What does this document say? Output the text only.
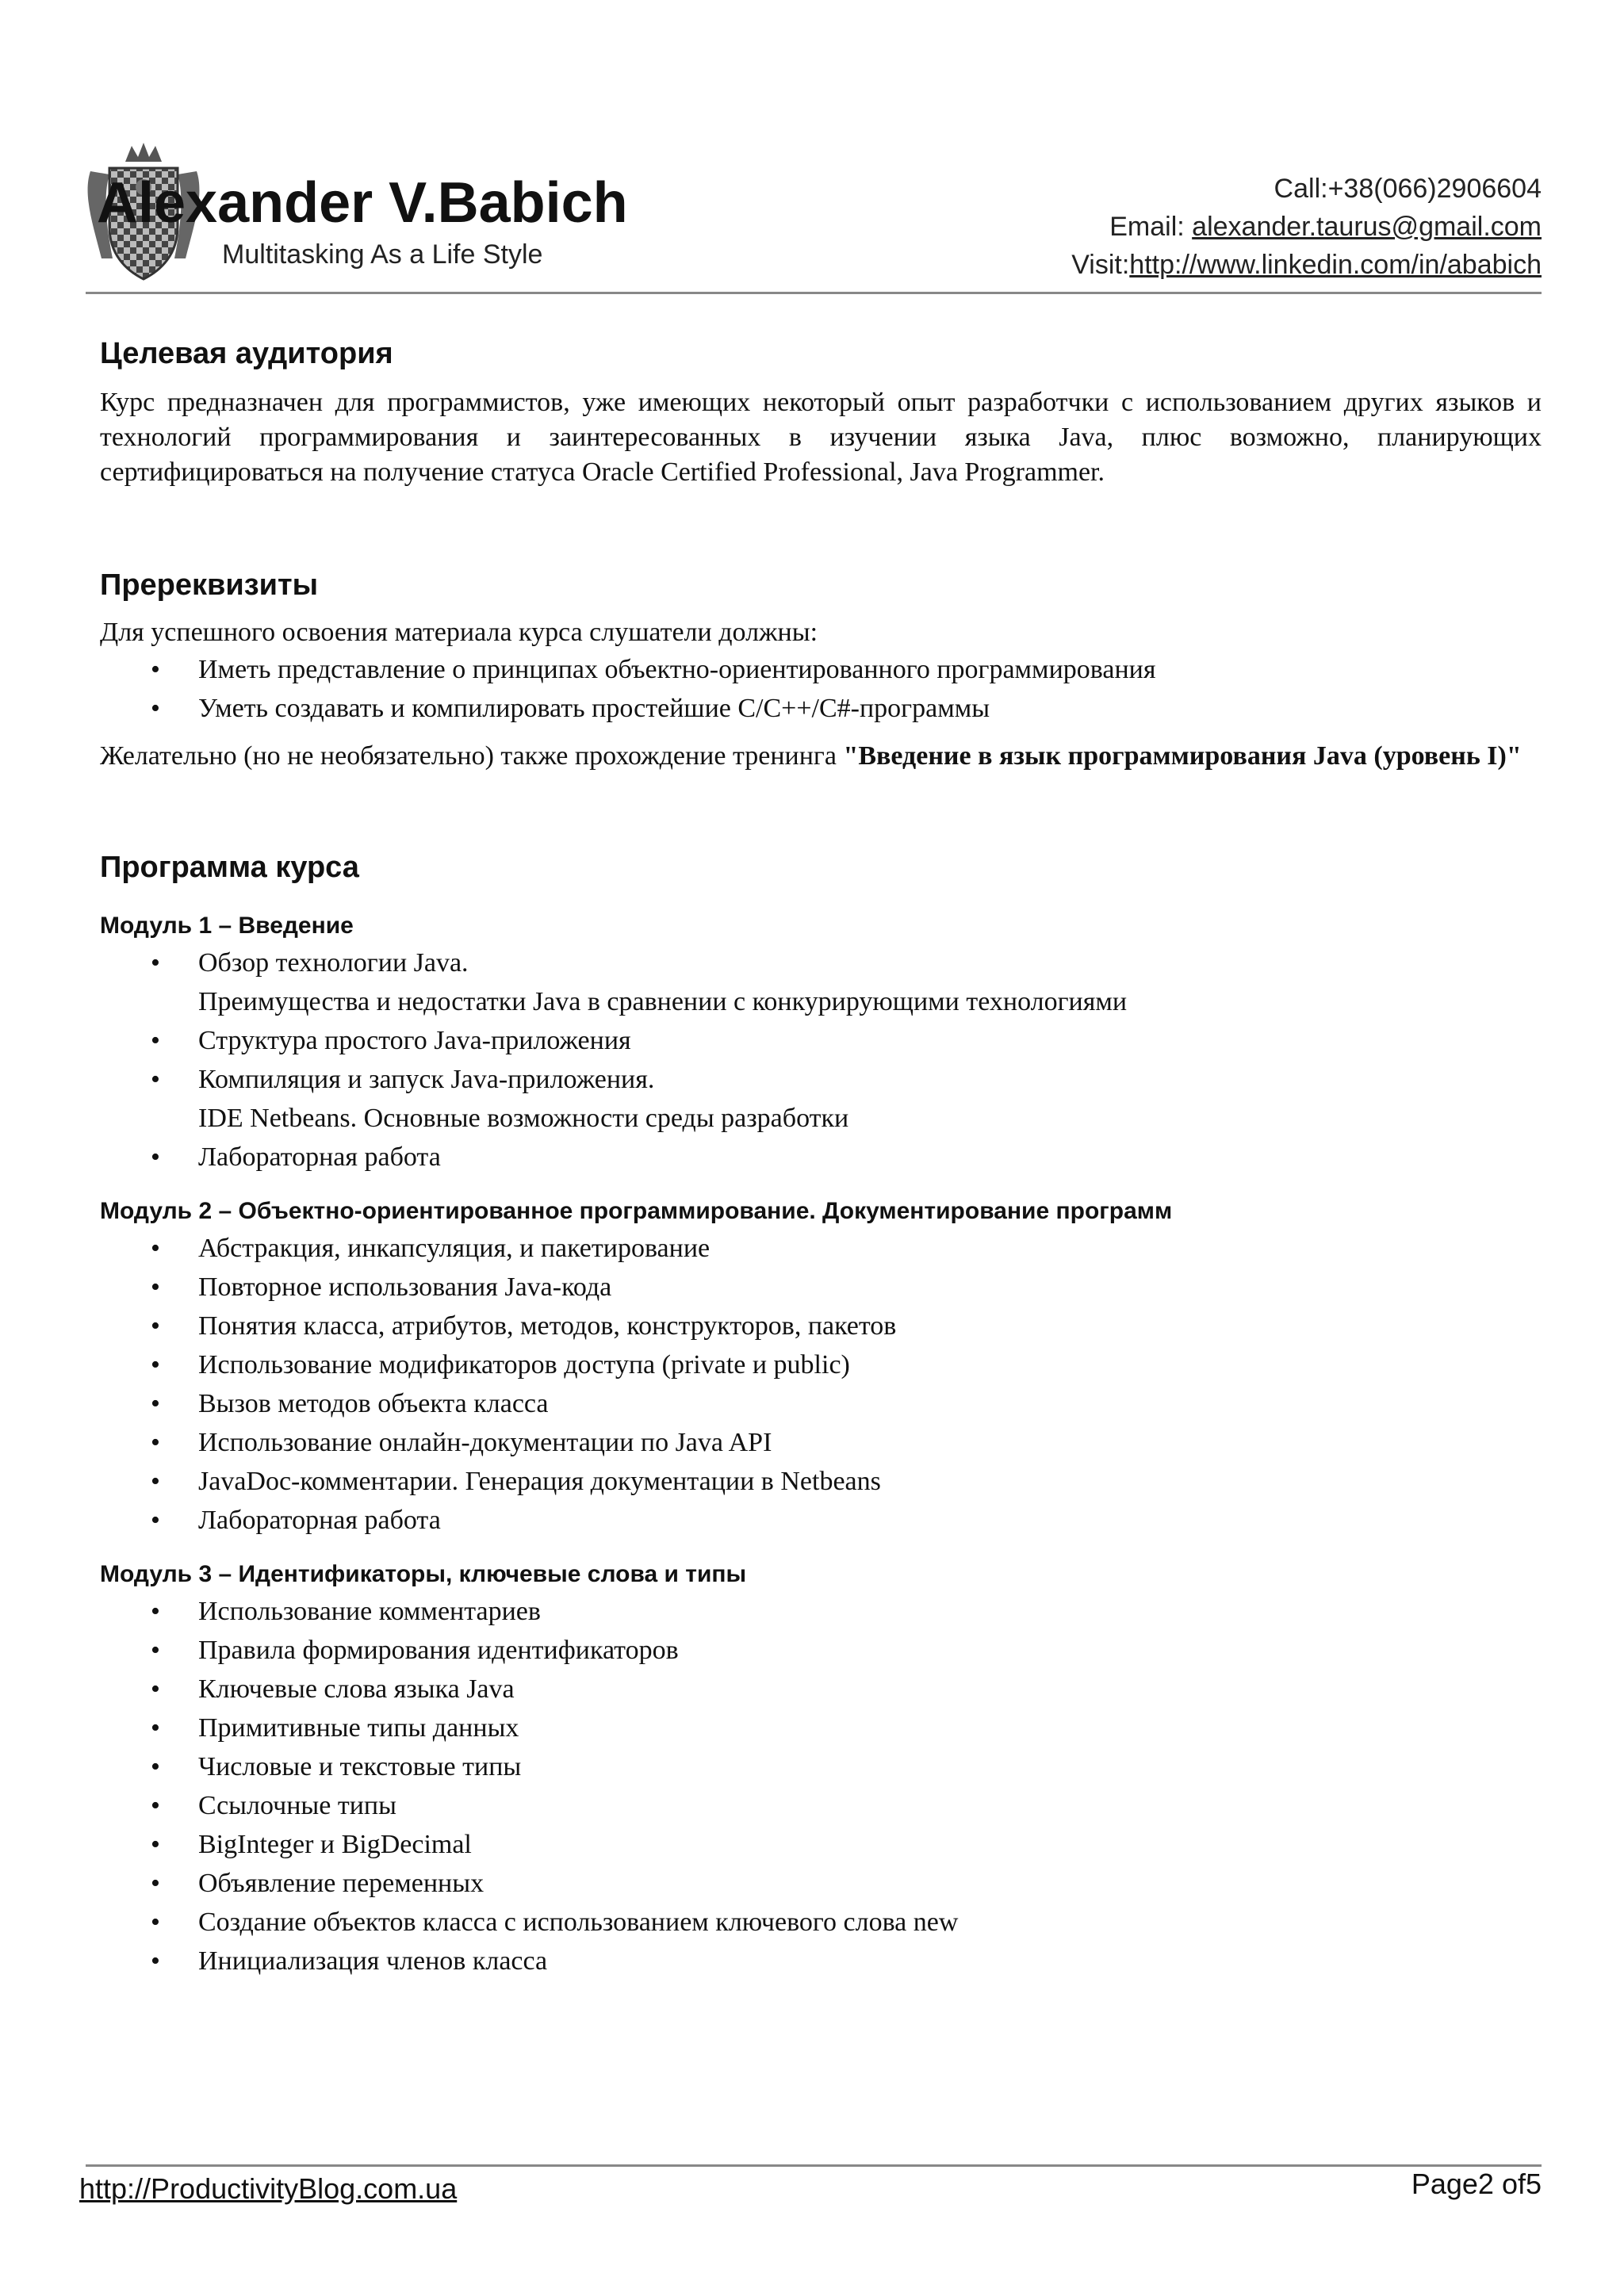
Alexander V.Babich
Multitasking As a Life Style
Call:+38(066)2906604
Email: alexander.taurus@gmail.com
Visit:http://www.linkedin.com/in/ababich
Целевая аудитория

Курс предназначен для программистов, уже имеющих некоторый опыт разработчки с использованием других языков и технологий программирования и заинтересованных в изучении языка Java, плюс возможно, планирующих сертифицироваться на получение статуса Oracle Certified Professional, Java Programmer.

Пререквизиты

Для успешного освоения материала курса слушатели должны:

• Иметь представление о принципах объектно-ориентированного программирования
• Уметь создавать и компилировать простейшие C/C++/C#-программы

Желательно (но не необязательно) также прохождение тренинга "Введение в язык программирования Java (уровень I)"

Программа курса
Модуль 1 – Введение
• Обзор технологии Java.
Преимущества и недостатки Java в сравнении с конкурирующими технологиями
• Структура простого Java-приложения
• Компиляция и запуск Java-приложения.
IDE Netbeans. Основные возможности среды разработки
• Лабораторная работа
Модуль 2 – Объектно-ориентированное программирование. Документирование программ
• Абстракция, инкапсуляция, и пакетирование
• Повторное использования Java-кода
• Понятия класса, атрибутов, методов, конструкторов, пакетов
• Использование модификаторов доступа (private и public)
• Вызов методов объекта класса
• Использование онлайн-документации по Java API
• JavaDoc-комментарии. Генерация документации в Netbeans
• Лабораторная работа
Модуль 3 – Идентификаторы, ключевые слова и типы
• Использование комментариев
• Правила формирования идентификаторов
• Ключевые слова языка Java
• Примитивные типы данных
• Числовые и текстовые типы
• Ссылочные типы
• BigInteger и BigDecimal
• Объявление переменных
• Создание объектов класса с использованием ключевого слова new
• Инициализация членов класса
http://ProductivityBlog.com.ua	Page2 of5
